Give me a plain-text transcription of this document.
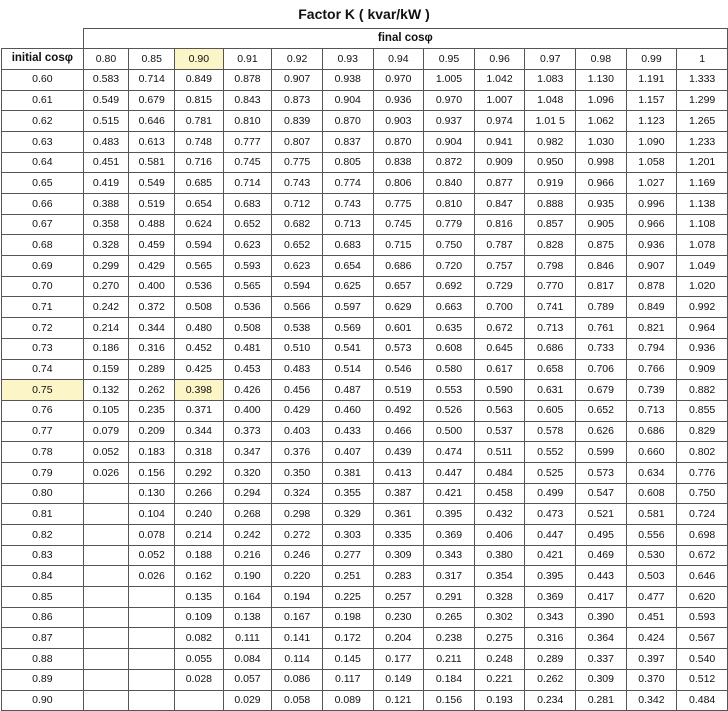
Factor K ( kvar/kW )
	final cosφ												
initial cosφ	0.80	0.85	0.90	0.91	0.92	0.93	0.94	0.95	0.96	0.97	0.98	0.99	1
0.60	0.583	0.714	0.849	0.878	0.907	0.938	0.970	1.005	1.042	1.083	1.130	1.191	1.333
0.61	0.549	0.679	0.815	0.843	0.873	0.904	0.936	0.970	1.007	1.048	1.096	1.157	1.299
0.62	0.515	0.646	0.781	0.810	0.839	0.870	0.903	0.937	0.974	1.01 5	1.062	1.123	1.265
0.63	0.483	0.613	0.748	0.777	0.807	0.837	0.870	0.904	0.941	0.982	1.030	1.090	1.233
0.64	0.451	0.581	0.716	0.745	0.775	0.805	0.838	0.872	0.909	0.950	0.998	1.058	1.201
0.65	0.419	0.549	0.685	0.714	0.743	0.774	0.806	0.840	0.877	0.919	0.966	1.027	1.169
0.66	0.388	0.519	0.654	0.683	0.712	0.743	0.775	0.810	0.847	0.888	0.935	0.996	1.138
0.67	0.358	0.488	0.624	0.652	0.682	0.713	0.745	0.779	0.816	0.857	0.905	0.966	1.108
0.68	0.328	0.459	0.594	0.623	0.652	0.683	0.715	0.750	0.787	0.828	0.875	0.936	1.078
0.69	0.299	0.429	0.565	0.593	0.623	0.654	0.686	0.720	0.757	0.798	0.846	0.907	1.049
0.70	0.270	0.400	0.536	0.565	0.594	0.625	0.657	0.692	0.729	0.770	0.817	0.878	1.020
0.71	0.242	0.372	0.508	0.536	0.566	0.597	0.629	0.663	0.700	0.741	0.789	0.849	0.992
0.72	0.214	0.344	0.480	0.508	0.538	0.569	0.601	0.635	0.672	0.713	0.761	0.821	0.964
0.73	0.186	0.316	0.452	0.481	0.510	0.541	0.573	0.608	0.645	0.686	0.733	0.794	0.936
0.74	0.159	0.289	0.425	0.453	0.483	0.514	0.546	0.580	0.617	0.658	0.706	0.766	0.909
0.75	0.132	0.262	0.398	0.426	0.456	0.487	0.519	0.553	0.590	0.631	0.679	0.739	0.882
0.76	0.105	0.235	0.371	0.400	0.429	0.460	0.492	0.526	0.563	0.605	0.652	0.713	0.855
0.77	0.079	0.209	0.344	0.373	0.403	0.433	0.466	0.500	0.537	0.578	0.626	0.686	0.829
0.78	0.052	0.183	0.318	0.347	0.376	0.407	0.439	0.474	0.511	0.552	0.599	0.660	0.802
0.79	0.026	0.156	0.292	0.320	0.350	0.381	0.413	0.447	0.484	0.525	0.573	0.634	0.776
0.80		0.130	0.266	0.294	0.324	0.355	0.387	0.421	0.458	0.499	0.547	0.608	0.750
0.81		0.104	0.240	0.268	0.298	0.329	0.361	0.395	0.432	0.473	0.521	0.581	0.724
0.82		0.078	0.214	0.242	0.272	0.303	0.335	0.369	0.406	0.447	0.495	0.556	0.698
0.83		0.052	0.188	0.216	0.246	0.277	0.309	0.343	0.380	0.421	0.469	0.530	0.672
0.84		0.026	0.162	0.190	0.220	0.251	0.283	0.317	0.354	0.395	0.443	0.503	0.646
0.85			0.135	0.164	0.194	0.225	0.257	0.291	0.328	0.369	0.417	0.477	0.620
0.86			0.109	0.138	0.167	0.198	0.230	0.265	0.302	0.343	0.390	0.451	0.593
0.87			0.082	0.111	0.141	0.172	0.204	0.238	0.275	0.316	0.364	0.424	0.567
0.88			0.055	0.084	0.114	0.145	0.177	0.211	0.248	0.289	0.337	0.397	0.540
0.89			0.028	0.057	0.086	0.117	0.149	0.184	0.221	0.262	0.309	0.370	0.512
0.90				0.029	0.058	0.089	0.121	0.156	0.193	0.234	0.281	0.342	0.484
